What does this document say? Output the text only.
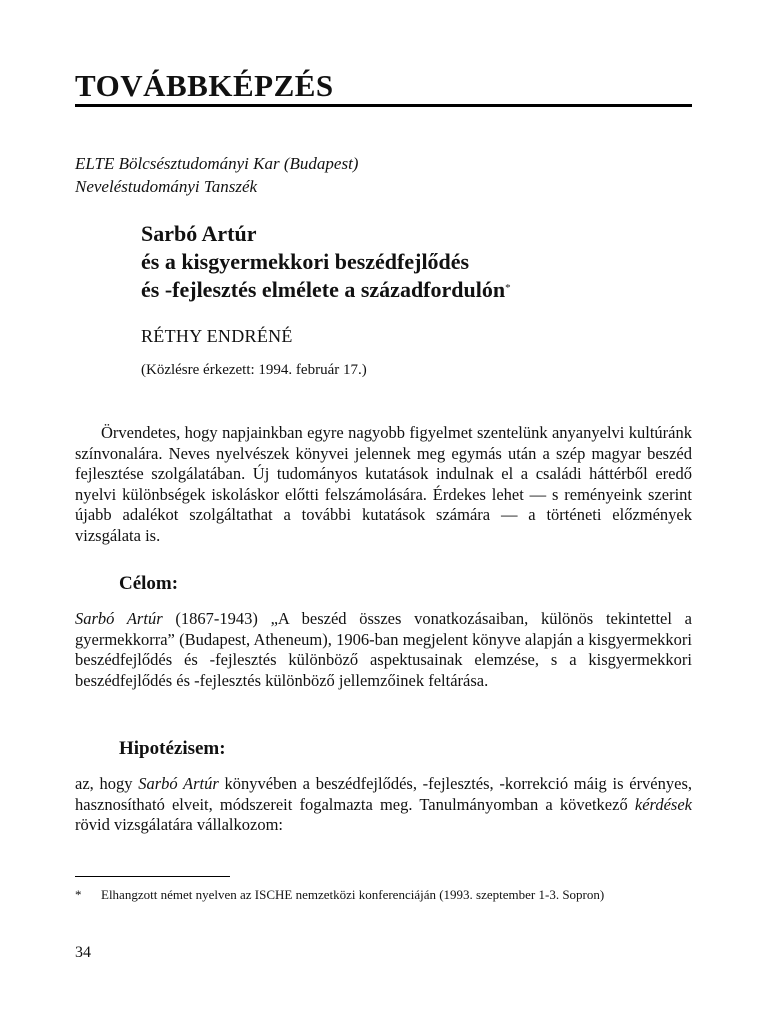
TOVÁBBKÉPZÉS
ELTE Bölcsésztudományi Kar (Budapest)
Neveléstudományi Tanszék
Sarbó Artúr
és a kisgyermekkori beszédfejlődés
és -fejlesztés elmélete a századfordulón*
RÉTHY ENDRÉNÉ
(Közlésre érkezett: 1994. február 17.)
Örvendetes, hogy napjainkban egyre nagyobb figyelmet szentelünk anyanyelvi kultúránk színvonalára. Neves nyelvészek könyvei jelennek meg egymás után a szép magyar beszéd fejlesztése szolgálatában. Új tudományos kutatások indulnak el a családi háttérből eredő nyelvi különbségek iskoláskor előtti felszámolására. Érdekes lehet — s reményeink szerint újabb adalékot szolgáltathat a további kutatások számára — a történeti előzmények vizsgálata is.
Célom:
Sarbó Artúr (1867-1943) „A beszéd összes vonatkozásaiban, különös tekintettel a gyermekkorra” (Budapest, Atheneum), 1906-ban megjelent könyve alapján a kisgyermekkori beszédfejlődés és -fejlesztés különböző aspektusainak elemzése, s a kisgyermekkori beszédfejlődés és -fejlesztés különböző jellemzőinek feltárása.
Hipotézisem:
az, hogy Sarbó Artúr könyvében a beszédfejlődés, -fejlesztés, -korrekció máig is érvényes, hasznosítható elveit, módszereit fogalmazta meg. Tanulmányomban a következő kérdések rövid vizsgálatára vállalkozom:
* Elhangzott német nyelven az ISCHE nemzetközi konferenciáján (1993. szeptember 1-3. Sopron)
34
